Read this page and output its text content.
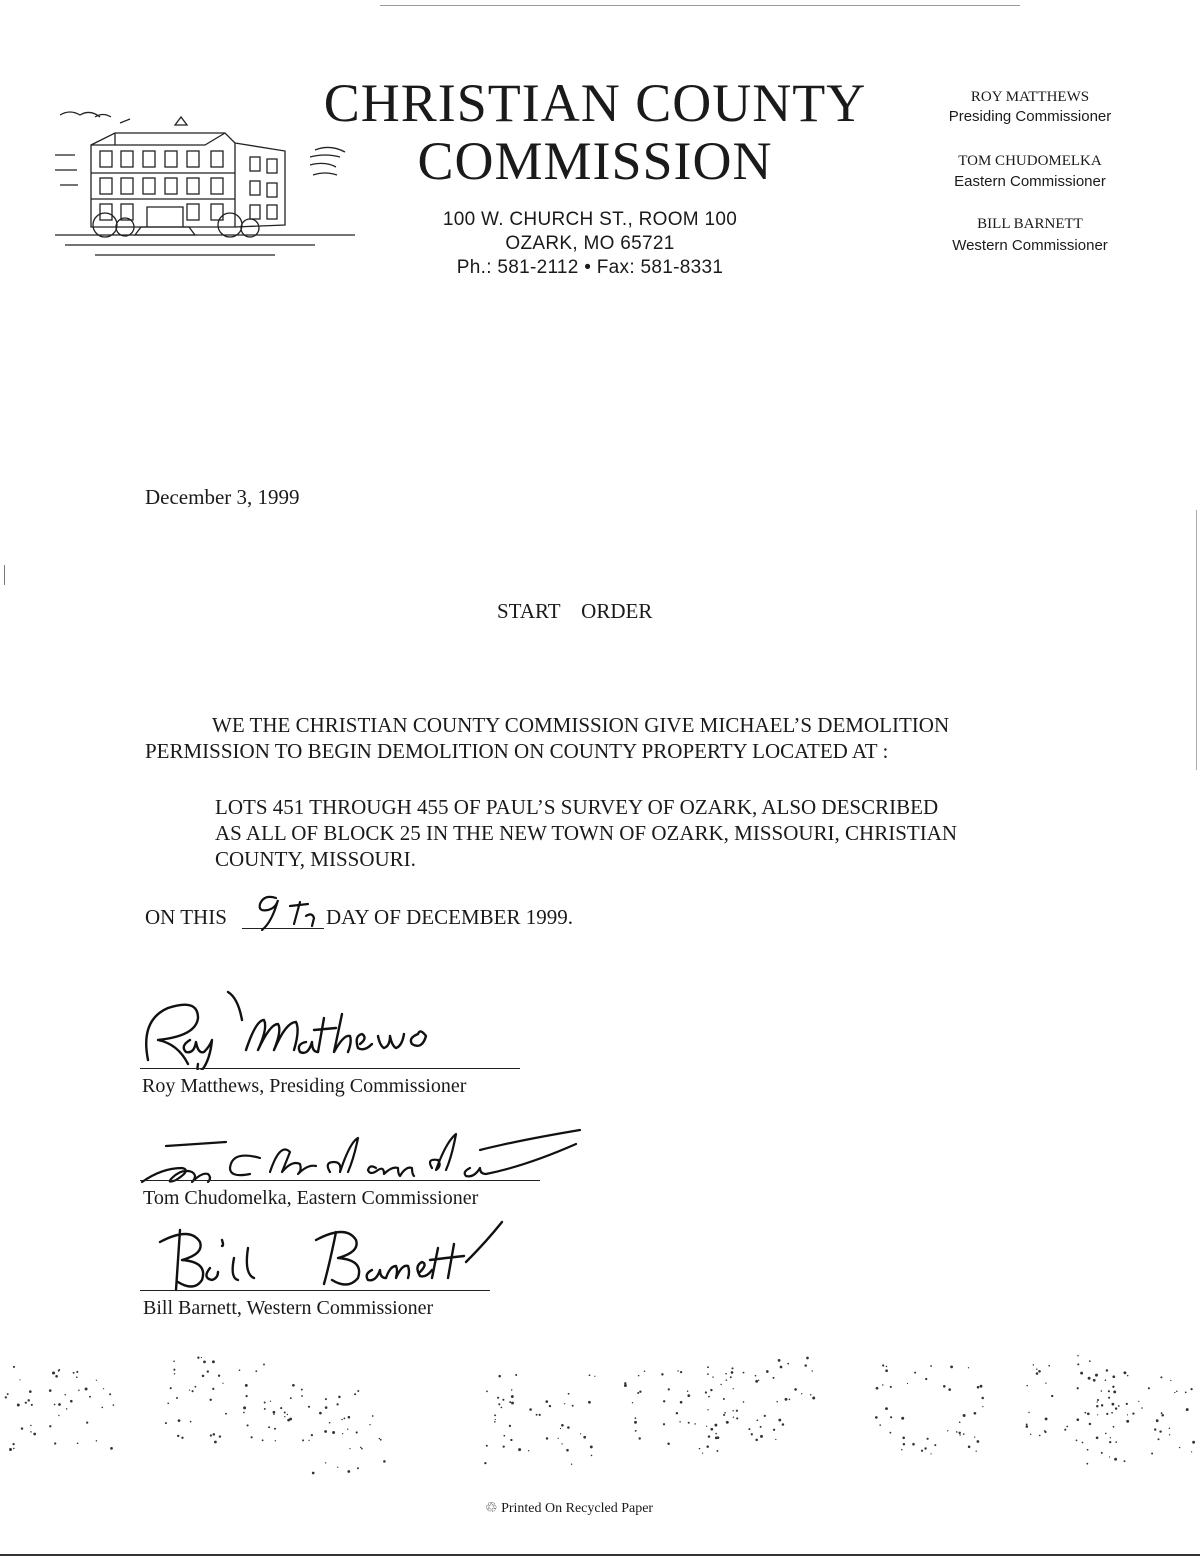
CHRISTIAN COUNTY
COMMISSION
100 W. CHURCH ST., ROOM 100
OZARK, MO 65721
Ph.: 581-2112 • Fax: 581-8331
ROY MATTHEWS
Presiding Commissioner
TOM CHUDOMELKA
Eastern Commissioner
BILL BARNETT
Western Commissioner
December 3, 1999
START    ORDER
WE THE CHRISTIAN COUNTY COMMISSION GIVE MICHAEL’S DEMOLITION
PERMISSION TO BEGIN DEMOLITION ON COUNTY PROPERTY LOCATED AT :
LOTS 451 THROUGH 455 OF PAUL’S SURVEY OF OZARK, ALSO DESCRIBED
AS ALL OF BLOCK 25 IN THE NEW TOWN OF OZARK, MISSOURI, CHRISTIAN
COUNTY, MISSOURI.
ON THIS	DAY OF DECEMBER 1999.
Roy Matthews, Presiding Commissioner
Tom Chudomelka, Eastern Commissioner
Bill Barnett, Western Commissioner
♲ Printed On Recycled Paper
